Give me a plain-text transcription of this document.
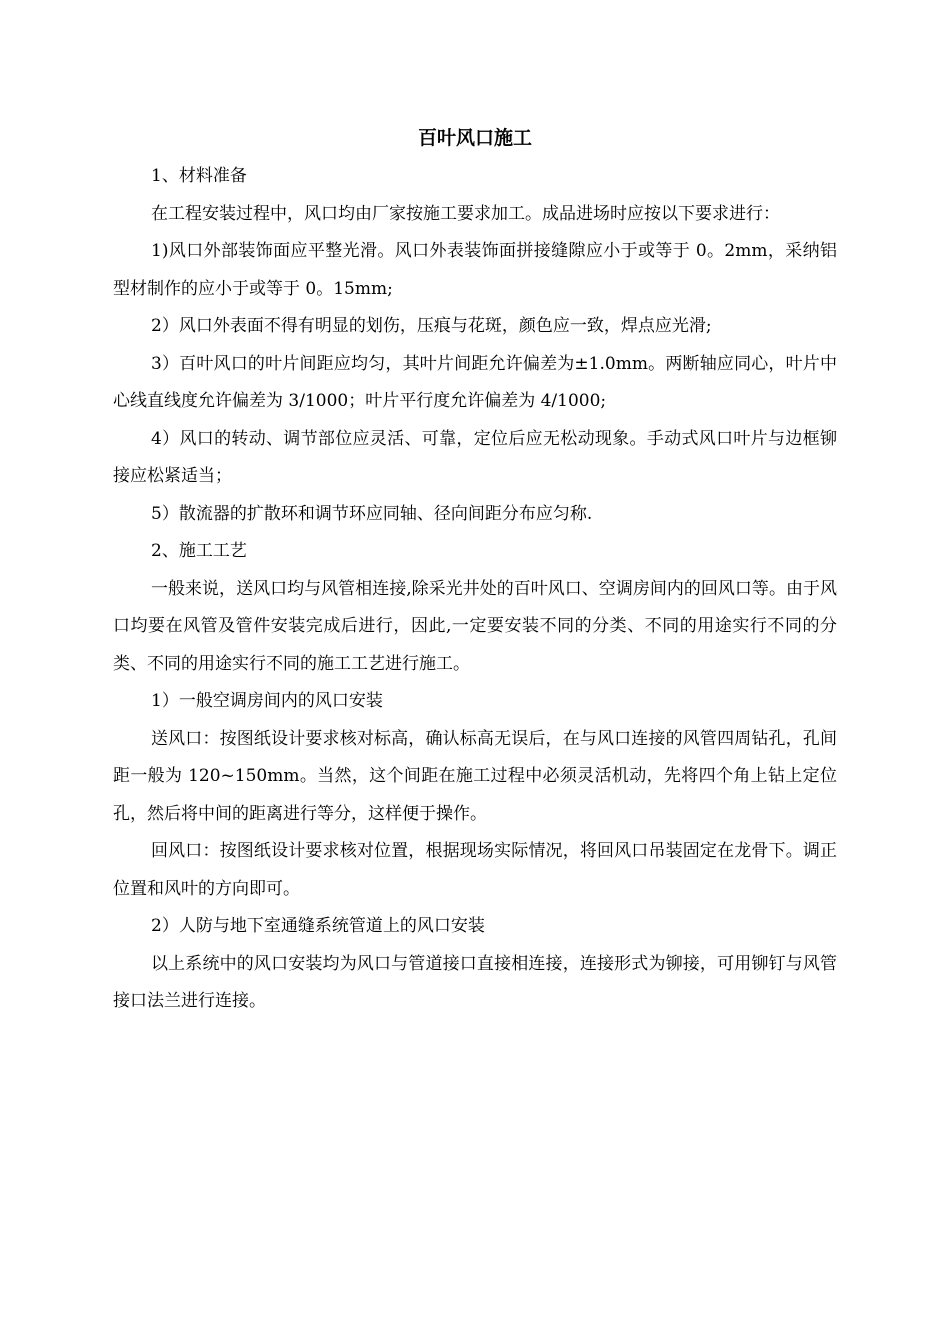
百叶风口施工

1、材料准备

在工程安装过程中，风口均由厂家按施工要求加工。成品进场时应按以下要求进行：

1)风口外部装饰面应平整光滑。风口外表装饰面拼接缝隙应小于或等于 0。2mm，采纳铝型材制作的应小于或等于 0。15mm;

2）风口外表面不得有明显的划伤，压痕与花斑，颜色应一致，焊点应光滑;

3）百叶风口的叶片间距应均匀，其叶片间距允许偏差为±1.0mm。两断轴应同心，叶片中心线直线度允许偏差为 3/1000；叶片平行度允许偏差为 4/1000;

4）风口的转动、调节部位应灵活、可靠，定位后应无松动现象。手动式风口叶片与边框铆接应松紧适当；

5）散流器的扩散环和调节环应同轴、径向间距分布应匀称.

2、施工工艺

一般来说，送风口均与风管相连接,除采光井处的百叶风口、空调房间内的回风口等。由于风口均要在风管及管件安装完成后进行，因此,一定要安装不同的分类、不同的用途实行不同的分类、不同的用途实行不同的施工工艺进行施工。

1）一般空调房间内的风口安装

送风口：按图纸设计要求核对标高，确认标高无误后，在与风口连接的风管四周钻孔，孔间距一般为 120~150mm。当然，这个间距在施工过程中必须灵活机动，先将四个角上钻上定位孔，然后将中间的距离进行等分，这样便于操作。

回风口：按图纸设计要求核对位置，根据现场实际情况，将回风口吊装固定在龙骨下。调正位置和风叶的方向即可。

2）人防与地下室通缝系统管道上的风口安装

以上系统中的风口安装均为风口与管道接口直接相连接，连接形式为铆接，可用铆钉与风管接口法兰进行连接。
